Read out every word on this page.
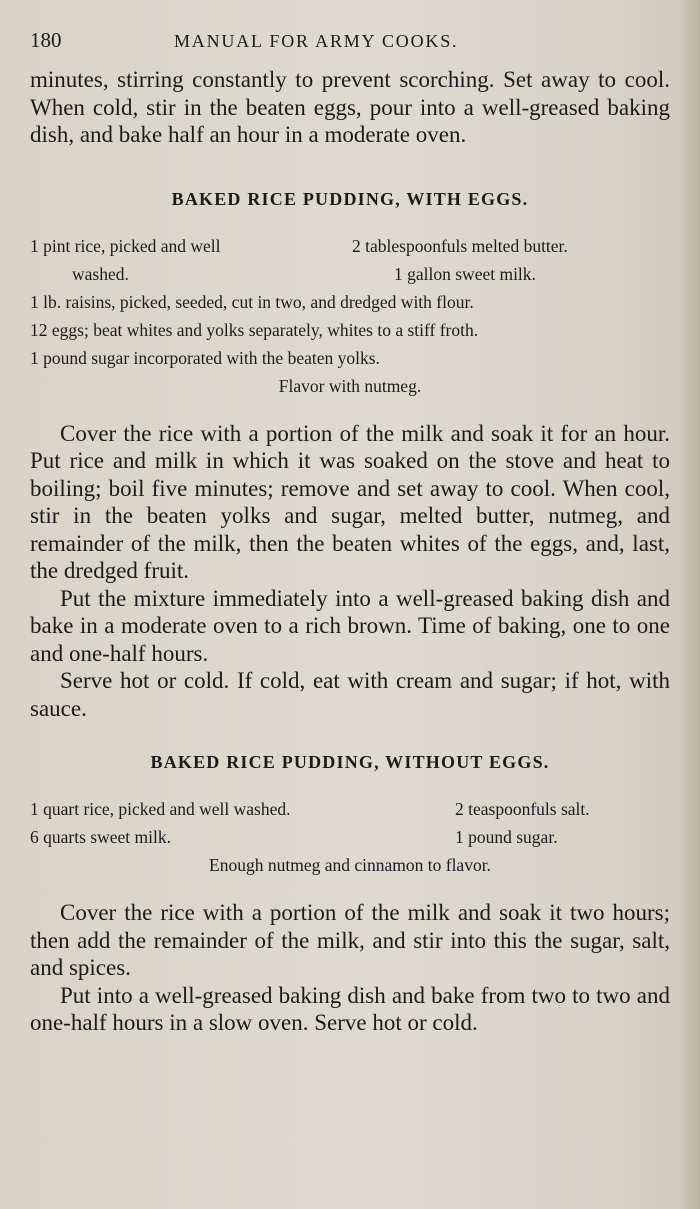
180	MANUAL FOR ARMY COOKS.

minutes, stirring constantly to prevent scorching. Set away to cool. When cold, stir in the beaten eggs, pour into a well-greased baking dish, and bake half an hour in a moderate oven.

BAKED RICE PUDDING, WITH EGGS.
1 pint rice, picked and well	2 tablespoonfuls melted butter.
washed.	1 gallon sweet milk.
1 lb. raisins, picked, seeded, cut in two, and dredged with flour.
12 eggs; beat whites and yolks separately, whites to a stiff froth.
1 pound sugar incorporated with the beaten yolks.
Flavor with nutmeg.

Cover the rice with a portion of the milk and soak it for an hour. Put rice and milk in which it was soaked on the stove and heat to boiling; boil five minutes; remove and set away to cool. When cool, stir in the beaten yolks and sugar, melted butter, nutmeg, and remainder of the milk, then the beaten whites of the eggs, and, last, the dredged fruit.

Put the mixture immediately into a well-greased baking dish and bake in a moderate oven to a rich brown. Time of baking, one to one and one-half hours.

Serve hot or cold. If cold, eat with cream and sugar; if hot, with sauce.

BAKED RICE PUDDING, WITHOUT EGGS.
1 quart rice, picked and well washed.	2 teaspoonfuls salt.
6 quarts sweet milk.	1 pound sugar.
Enough nutmeg and cinnamon to flavor.

Cover the rice with a portion of the milk and soak it two hours; then add the remainder of the milk, and stir into this the sugar, salt, and spices.

Put into a well-greased baking dish and bake from two to two and one-half hours in a slow oven. Serve hot or cold.
